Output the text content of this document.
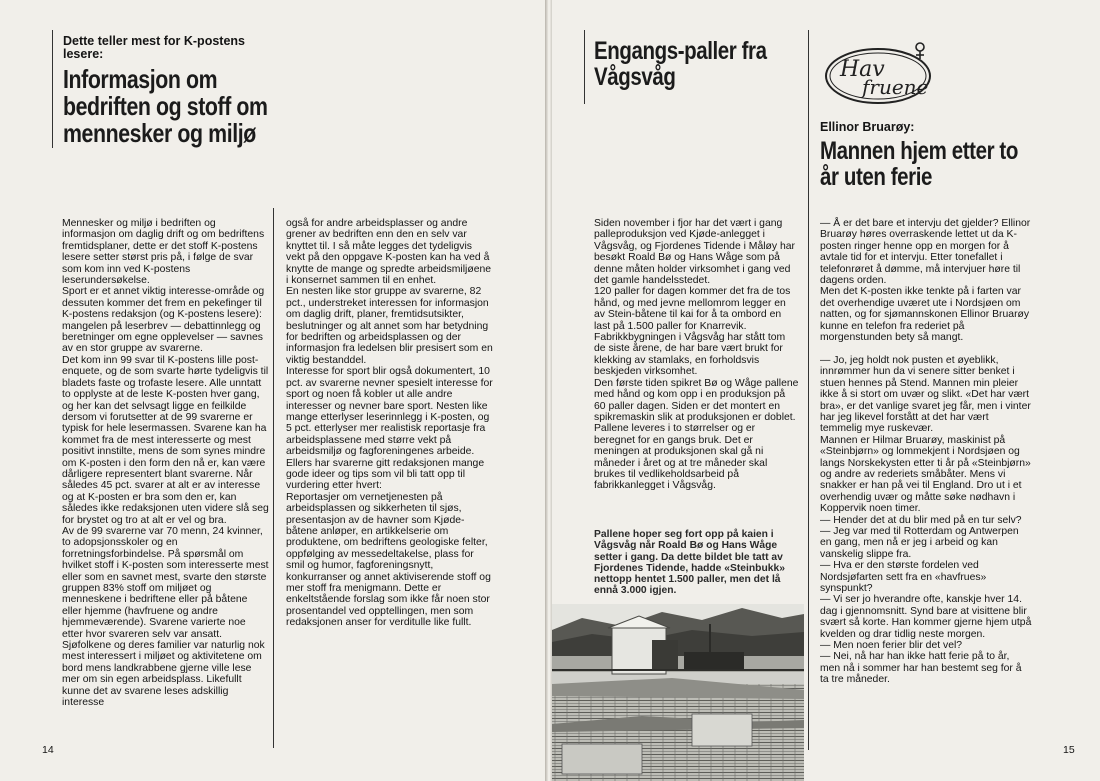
Dette teller mest for K-postens lesere:
Informasjon om bedriften og stoff om mennesker og miljø
Mennesker og miljø i bedriften og informasjon om daglig drift og om bedriftens fremtidsplaner, dette er det stoff K-postens lesere setter størst pris på, i følge de svar som kom inn ved K-postens leserundersøkelse.
Sport er et annet viktig interesse-område og dessuten kommer det frem en pekefinger til K-postens redaksjon (og K-postens lesere): mangelen på leserbrev — debattinnlegg og beretninger om egne opplevelser — savnes av en stor gruppe av svarerne.
Det kom inn 99 svar til K-postens lille post-enquete, og de som svarte hørte tydeligvis til bladets faste og trofaste lesere. Alle unntatt to opplyste at de leste K-posten hver gang, og her kan det selvsagt ligge en feilkilde dersom vi forutsetter at de 99 svarerne er typisk for hele lesermassen. Svarene kan ha kommet fra de mest interesserte og mest positivt innstilte, mens de som synes mindre om K-posten i den form den nå er, kan være dårligere representert blant svarerne. Når således 45 pct. svarer at alt er av interesse og at K-posten er bra som den er, kan således ikke redaksjonen uten videre slå seg for brystet og tro at alt er vel og bra.
Av de 99 svarerne var 70 menn, 24 kvinner, to adopsjonsskoler og en forretningsforbindelse. På spørsmål om hvilket stoff i K-posten som interesserte mest eller som en savnet mest, svarte den største gruppen 83% stoff om miljøet og menneskene i bedriftene eller på båtene eller hjemme (havfruene og andre hjemmeværende). Svarene varierte noe etter hvor svareren selv var ansatt. Sjøfolkene og deres familier var naturlig nok mest interessert i miljøet og aktivitetene om bord mens landkrabbene gjerne ville lese mer om sin egen arbeidsplass. Likefullt kunne det av svarene leses adskillig interesse
også for andre arbeidsplasser og andre grener av bedriften enn den en selv var knyttet til. I så måte legges det tydeligvis vekt på den oppgave K-posten kan ha ved å knytte de mange og spredte arbeidsmiljøene i konsernet sammen til en enhet.
En nesten like stor gruppe av svarerne, 82 pct., understreket interessen for informasjon om daglig drift, planer, fremtidsutsikter, beslutninger og alt annet som har betydning for bedriften og arbeidsplassen og der informasjon fra ledelsen blir presisert som en viktig bestanddel.
Interesse for sport blir også dokumentert, 10 pct. av svarerne nevner spesielt interesse for sport og noen få kobler ut alle andre interesser og nevner bare sport. Nesten like mange etterlyser leserinnlegg i K-posten, og 5 pct. etterlyser mer realistisk reportasje fra arbeidsplassene med større vekt på arbeidsmiljø og fagforeningenes arbeide.
Ellers har svarerne gitt redaksjonen mange gode ideer og tips som vil bli tatt opp til vurdering etter hvert:
Reportasjer om vernetjenesten på arbeidsplassen og sikkerheten til sjøs, presentasjon av de havner som Kjøde-båtene anløper, en artikkelserie om produktene, om bedriftens geologiske felter, oppfølging av messedeltakelse, plass for smil og humor, fagforeningsnytt, konkurranser og annet aktiviserende stoff og mer stoff fra menigmann. Dette er enkeltstående forslag som ikke får noen stor prosentandel ved opptellingen, men som redaksjonen anser for verditulle like fullt.
14
Engangs-paller fra Vågsvåg	Hav
fruene
Ellinor Bruarøy:
Mannen hjem etter to år uten ferie
Siden november i fjor har det vært i gang palleproduksjon ved Kjøde-anlegget i Vågsvåg, og Fjordenes Tidende i Måløy har besøkt Roald Bø og Hans Wåge som på denne måten holder virksomhet i gang ved det gamle handelsstedet.
120 paller for dagen kommer det fra de tos hånd, og med jevne mellomrom legger en av Stein-båtene til kai for å ta ombord en last på 1.500 paller for Knarrevik.
Fabrikkbygningen i Vågsvåg har stått tom de siste årene, de har bare vært brukt for klekking av stamlaks, en forholdsvis beskjeden virksomhet.
Den første tiden spikret Bø og Wåge pallene med hånd og kom opp i en produksjon på 60 paller dagen. Siden er det montert en spikremaskin slik at produksjonen er doblet. Pallene leveres i to størrelser og er beregnet for en gangs bruk. Det er meningen at produksjonen skal gå ni måneder i året og at tre måneder skal brukes til vedlikeholdsarbeid på fabrikkanlegget i Vågsvåg.
Pallene hoper seg fort opp på kaien i Vågsvåg når Roald Bø og Hans Wåge setter i gang. Da dette bildet ble tatt av Fjordenes Tidende, hadde «Steinbukk» nettopp hentet 1.500 paller, men det lå ennå 3.000 igjen.
— Å er det bare et intervju det gjelder? Ellinor Bruarøy høres overraskende lettet ut da K-posten ringer henne opp en morgen for å avtale tid for et intervju. Etter tonefallet i telefonrøret å dømme, må intervjuer høre til dagens orden.
Men det K-posten ikke tenkte på i farten var det overhendige uværet ute i Nordsjøen om natten, og for sjømannskonen Ellinor Bruarøy kunne en telefon fra rederiet på morgenstunden bety så mangt.

— Jo, jeg holdt nok pusten et øyeblikk, innrømmer hun da vi senere sitter benket i stuen hennes på Stend. Mannen min pleier ikke å si stort om uvær og slikt. «Det har vært bra», er det vanlige svaret jeg får, men i vinter har jeg likevel forstått at det har vært temmelig mye ruskevær.
Mannen er Hilmar Bruarøy, maskinist på «Steinbjørn» og lommekjent i Nordsjøen og langs Norskekysten etter ti år på «Steinbjørn» og andre av rederiets småbåter. Mens vi snakker er han på vei til England. Dro ut i et overhendig uvær og måtte søke nødhavn i Koppervik noen timer.
— Hender det at du blir med på en tur selv?
— Jeg var med til Rotterdam og Antwerpen en gang, men nå er jeg i arbeid og kan vanskelig slippe fra.
— Hva er den største fordelen ved Nordsjøfarten sett fra en «havfrues» synspunkt?
— Vi ser jo hverandre ofte, kanskje hver 14. dag i gjennomsnitt. Synd bare at visittene blir svært så korte. Han kommer gjerne hjem utpå kvelden og drar tidlig neste morgen.
— Men noen ferier blir det vel?
— Nei, nå har han ikke hatt ferie på to år, men nå i sommer har han bestemt seg for å ta tre måneder.
15
